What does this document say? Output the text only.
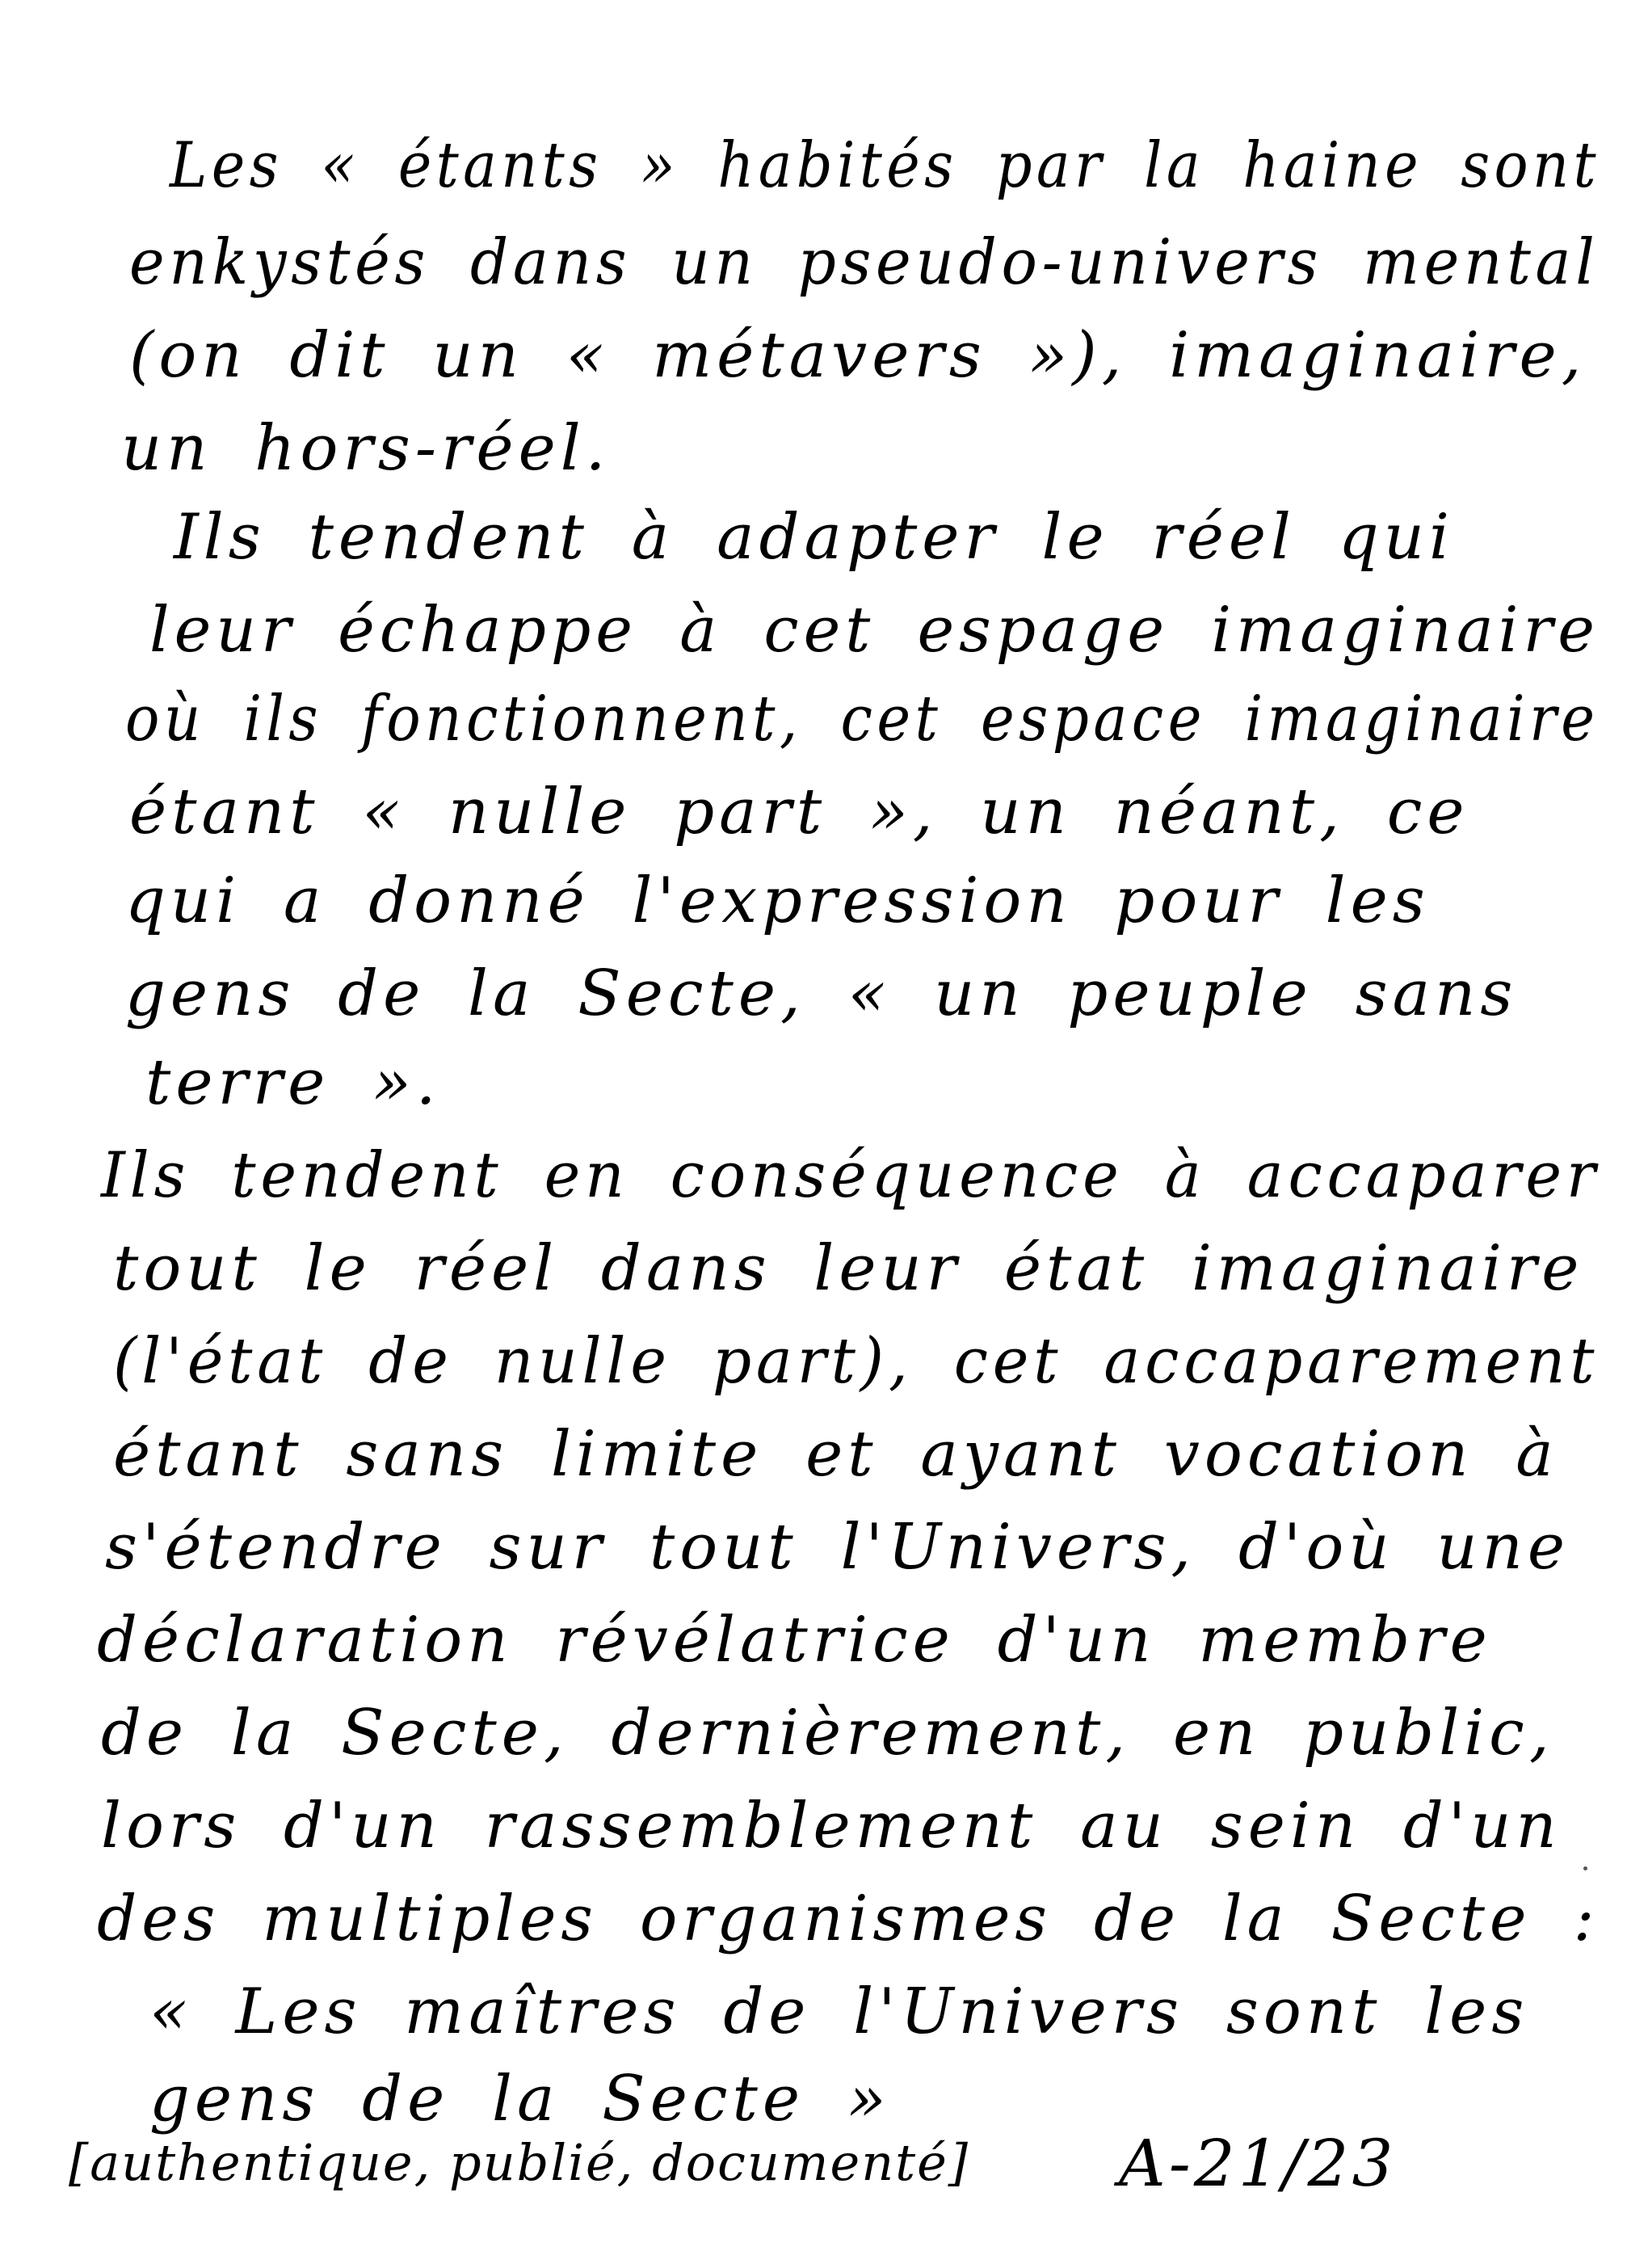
Les « étants » habités par la haine sont
enkystés dans un pseudo-univers mental
(on dit un « métavers »), imaginaire,
un hors-réel.
Ils tendent à adapter le réel qui
leur échappe à cet espage imaginaire
où ils fonctionnent, cet espace imaginaire
étant « nulle part », un néant, ce
qui a donné l'expression pour les
gens de la Secte, « un peuple sans
terre ».
Ils tendent en conséquence à accaparer
tout le réel dans leur état imaginaire
(l'état de nulle part), cet accaparement
étant sans limite et ayant vocation à
s'étendre sur tout l'Univers, d'où une
déclaration révélatrice d'un membre
de la Secte, dernièrement, en public,
lors d'un rassemblement au sein d'un
des multiples organismes de la Secte :
« Les maîtres de l'Univers sont les
gens de la Secte »
[authentique, publié, documenté] A-21/23
